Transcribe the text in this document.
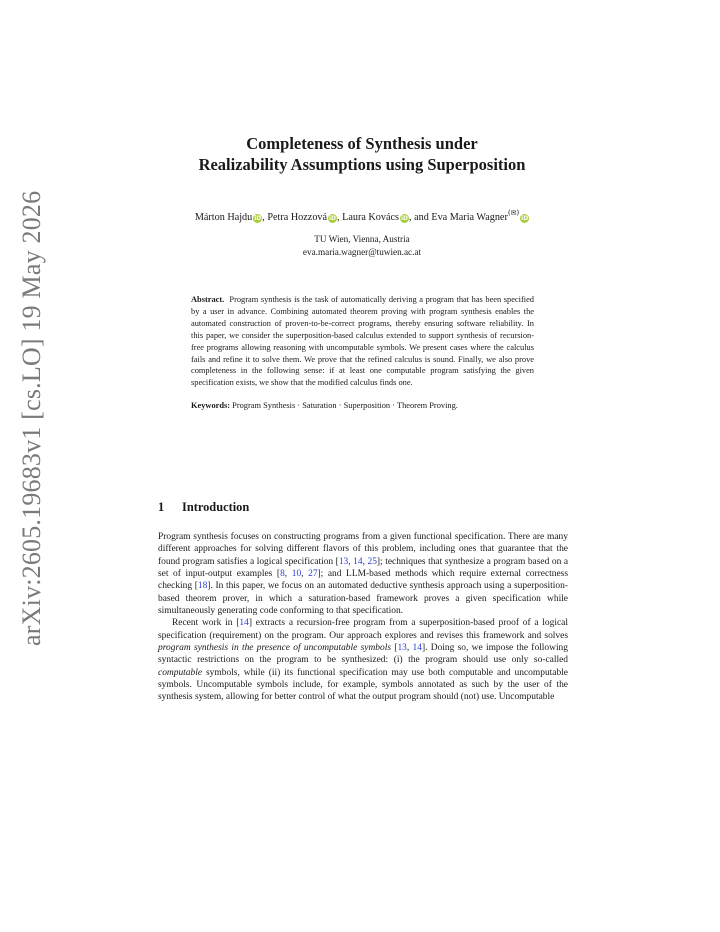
arXiv:2605.19683v1 [cs.LO] 19 May 2026
Completeness of Synthesis under
Realizability Assumptions using Superposition
Márton Hajdu iD, Petra Hozzová iD, Laura Kovács iD, and Eva Maria Wagner(✉)iD
TU Wien, Vienna, Austria
eva.maria.wagner@tuwien.ac.at

Abstract. Program synthesis is the task of automatically deriving a program that has been specified by a user in advance. Combining automated theorem proving with program synthesis enables the automated construction of proven-to-be-correct programs, thereby ensuring software reliability. In this paper, we consider the superposition-based calculus extended to support synthesis of recursion-free programs allowing reasoning with uncomputable symbols. We present cases where the calculus fails and refine it to solve them. We prove that the refined calculus is sound. Finally, we also prove completeness in the following sense: if at least one computable program satisfying the given specification exists, we show that the modified calculus finds one.

Keywords: Program Synthesis · Saturation · Superposition · Theorem Proving.

1 Introduction

Program synthesis focuses on constructing programs from a given functional specification. There are many different approaches for solving different flavors of this problem, including ones that guarantee that the found program satisfies a logical specification [13, 14, 25]; techniques that synthesize a program based on a set of input-output examples [8, 10, 27]; and LLM-based methods which require external correctness checking [18]. In this paper, we focus on an automated deductive synthesis approach using a superposition-based theorem prover, in which a saturation-based framework proves a given specification while simultaneously generating code conforming to that specification.

Recent work in [14] extracts a recursion-free program from a superposition-based proof of a logical specification (requirement) on the program. Our approach explores and revises this framework and solves program synthesis in the presence of uncomputable symbols [13, 14]. Doing so, we impose the following syntactic restrictions on the program to be synthesized: (i) the program should use only so-called computable symbols, while (ii) its functional specification may use both computable and uncomputable symbols. Uncomputable symbols include, for example, symbols annotated as such by the user of the synthesis system, allowing for better control of what the output program should (not) use. Uncomputable
